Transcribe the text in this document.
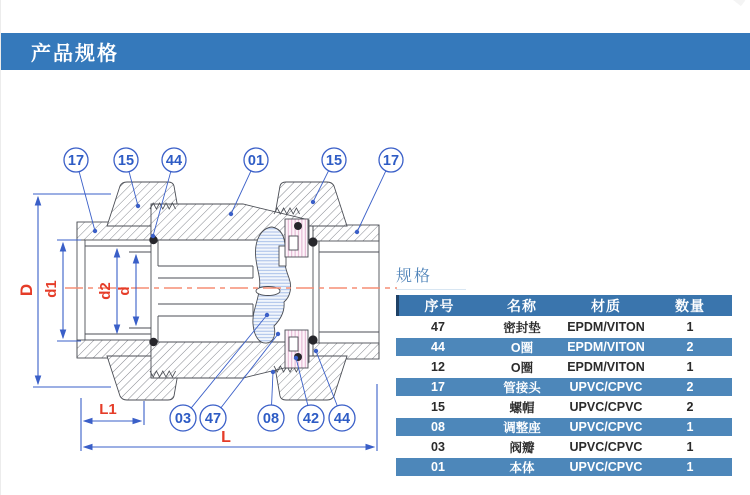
产品规格
D d1 d2 d
L1
L
17 15 44	01	15	17
03 47	08 42 44
规格
序号	名称	材质	数量
47	密封垫	EPDM/VITON	1
44	O圈	EPDM/VITON	2
12	O圈	EPDM/VITON	1
17	管接头	UPVC/CPVC	2
15	螺帽	UPVC/CPVC	2
08	调整座	UPVC/CPVC	1
03	阀瓣	UPVC/CPVC	1
01	本体	UPVC/CPVC	1
